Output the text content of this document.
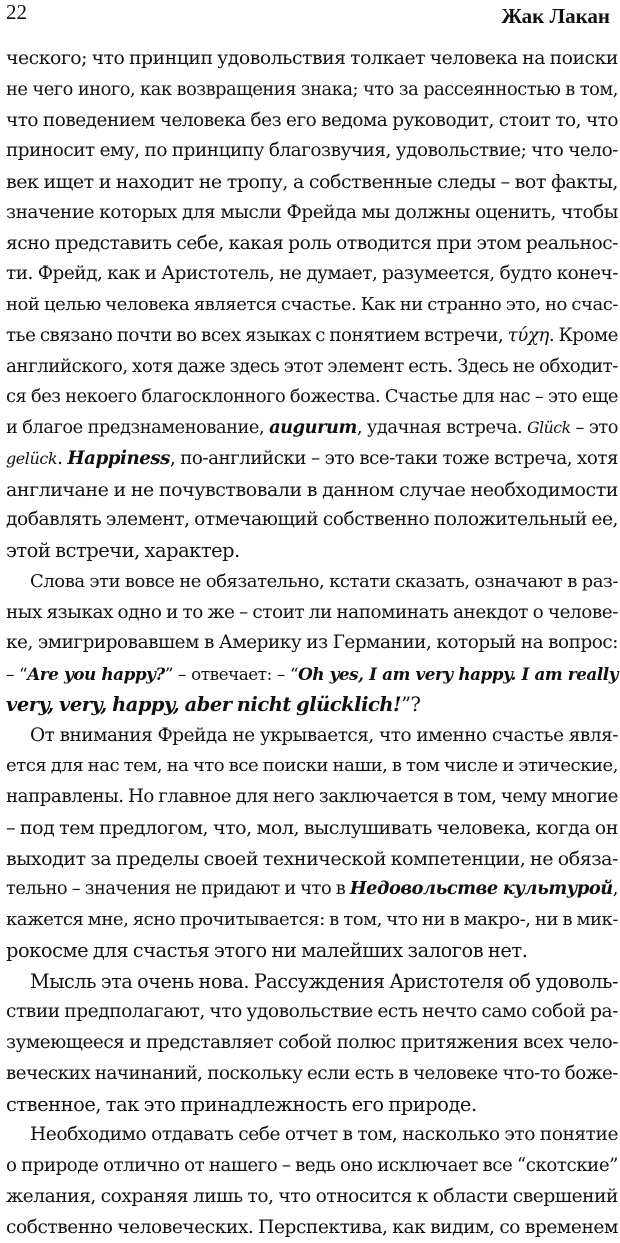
22	Жак Лакан
ческого; что принцип удовольствия толкает человека на поиски
не чего иного, как возвращения знака; что за рассеянностью в том,
что поведением человека без его ведома руководит, стоит то, что
приносит ему, по принципу благозвучия, удовольствие; что чело-
век ищет и находит не тропу, а собственные следы – вот факты,
значение которых для мысли Фрейда мы должны оценить, чтобы
ясно представить себе, какая роль отводится при этом реальнос-
ти. Фрейд, как и Аристотель, не думает, разумеется, будто конеч-
ной целью человека является счастье. Как ни странно это, но счас-
тье связано почти во всех языках с понятием встречи, τύχη. Кроме
английского, хотя даже здесь этот элемент есть. Здесь не обходит-
ся без некоего благосклонного божества. Счастье для нас – это еще
и благое предзнаменование, augurum, удачная встреча. Glück – это
gelück. Happiness, по-английски – это все-таки тоже встреча, хотя
англичане и не почувствовали в данном случае необходимости
добавлять элемент, отмечающий собственно положительный ее,
этой встречи, характер.
Слова эти вовсе не обязательно, кстати сказать, означают в раз-
ных языках одно и то же – стоит ли напоминать анекдот о челове-
ке, эмигрировавшем в Америку из Германии, который на вопрос:
– “Are you happy?” – отвечает: – “Oh yes, I am very happy. I am really
very, very, happy, aber nicht glücklich!”?
От внимания Фрейда не укрывается, что именно счастье явля-
ется для нас тем, на что все поиски наши, в том числе и этические,
направлены. Но главное для него заключается в том, чему многие
– под тем предлогом, что, мол, выслушивать человека, когда он
выходит за пределы своей технической компетенции, не обяза-
тельно – значения не придают и что в Недовольстве культурой,
кажется мне, ясно прочитывается: в том, что ни в макро-, ни в мик-
рокосме для счастья этого ни малейших залогов нет.
Мысль эта очень нова. Рассуждения Аристотеля об удоволь-
ствии предполагают, что удовольствие есть нечто само собой ра-
зумеющееся и представляет собой полюс притяжения всех чело-
веческих начинаний, поскольку если есть в человеке что-то боже-
ственное, так это принадлежность его природе.
Необходимо отдавать себе отчет в том, насколько это понятие
о природе отлично от нашего – ведь оно исключает все “скотские”
желания, сохраняя лишь то, что относится к области свершений
собственно человеческих. Перспектива, как видим, со временем
